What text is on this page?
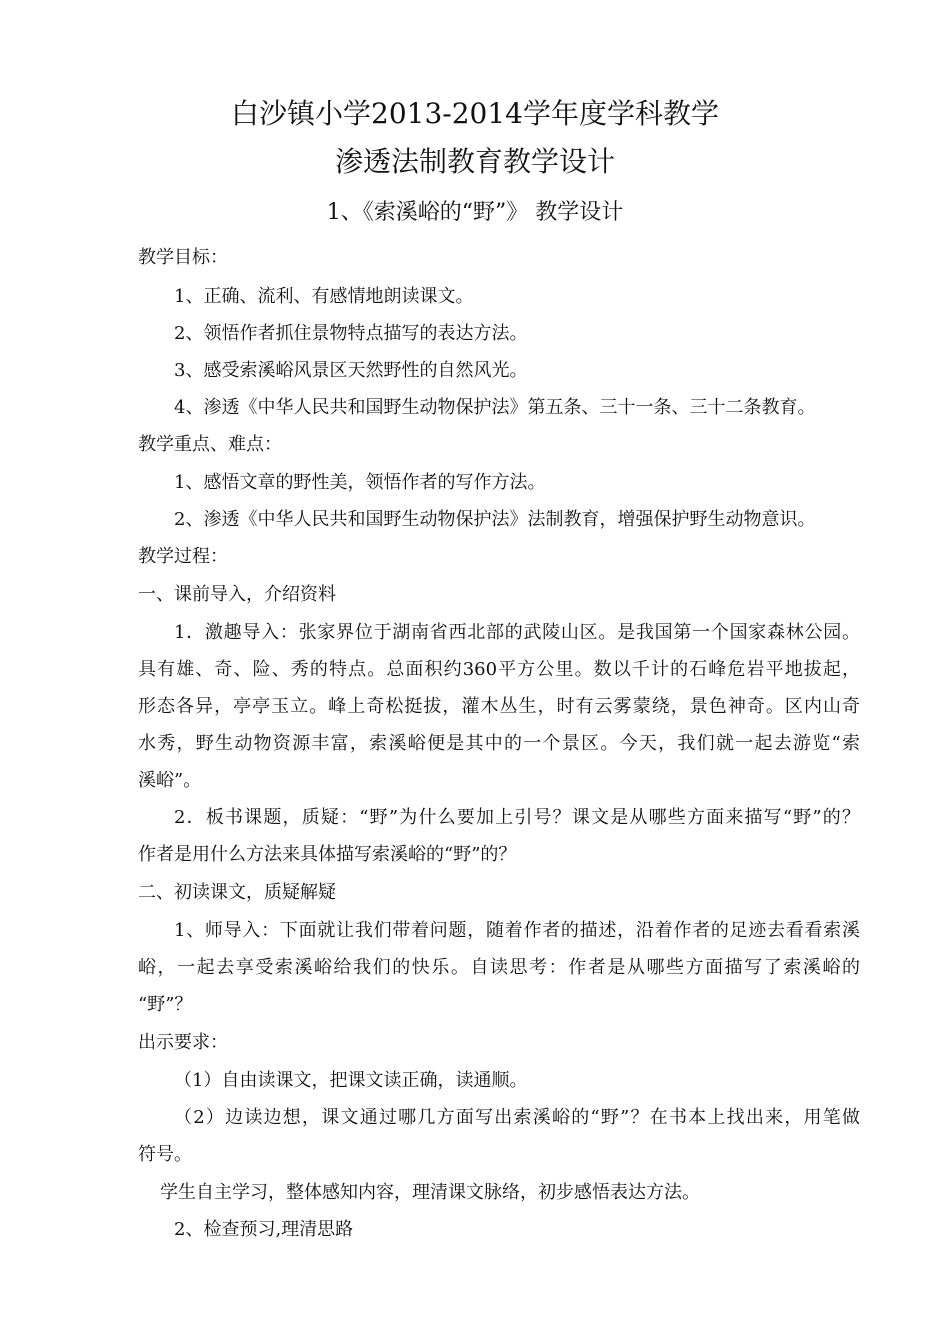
白沙镇小学2013-2014学年度学科教学
渗透法制教育教学设计
1、《索溪峪的“野”》 教学设计
教学目标：
1、正确、流利、有感情地朗读课文。
2、领悟作者抓住景物特点描写的表达方法。
3、感受索溪峪风景区天然野性的自然风光。
4、渗透《中华人民共和国野生动物保护法》第五条、三十一条、三十二条教育。
教学重点、难点：
1、感悟文章的野性美，领悟作者的写作方法。
2、渗透《中华人民共和国野生动物保护法》法制教育，增强保护野生动物意识。
教学过程：
一、课前导入，介绍资料
1．激趣导入：张家界位于湖南省西北部的武陵山区。是我国第一个国家森林公园。
具有雄、奇、险、秀的特点。总面积约360平方公里。数以千计的石峰危岩平地拔起，
形态各异，亭亭玉立。峰上奇松挺拔，灌木丛生，时有云雾蒙绕，景色神奇。区内山奇
水秀，野生动物资源丰富，索溪峪便是其中的一个景区。今天，我们就一起去游览“索
溪峪”。
2．板书课题，质疑：“野”为什么要加上引号？课文是从哪些方面来描写“野”的？
作者是用什么方法来具体描写索溪峪的“野”的？
二、初读课文，质疑解疑
1、师导入：下面就让我们带着问题，随着作者的描述，沿着作者的足迹去看看索溪
峪，一起去享受索溪峪给我们的快乐。自读思考：作者是从哪些方面描写了索溪峪的
“野”？
出示要求：
（1）自由读课文，把课文读正确，读通顺。
（2）边读边想，课文通过哪几方面写出索溪峪的“野”？在书本上找出来，用笔做
符号。
学生自主学习，整体感知内容，理清课文脉络，初步感悟表达方法。
2、检查预习,理清思路
